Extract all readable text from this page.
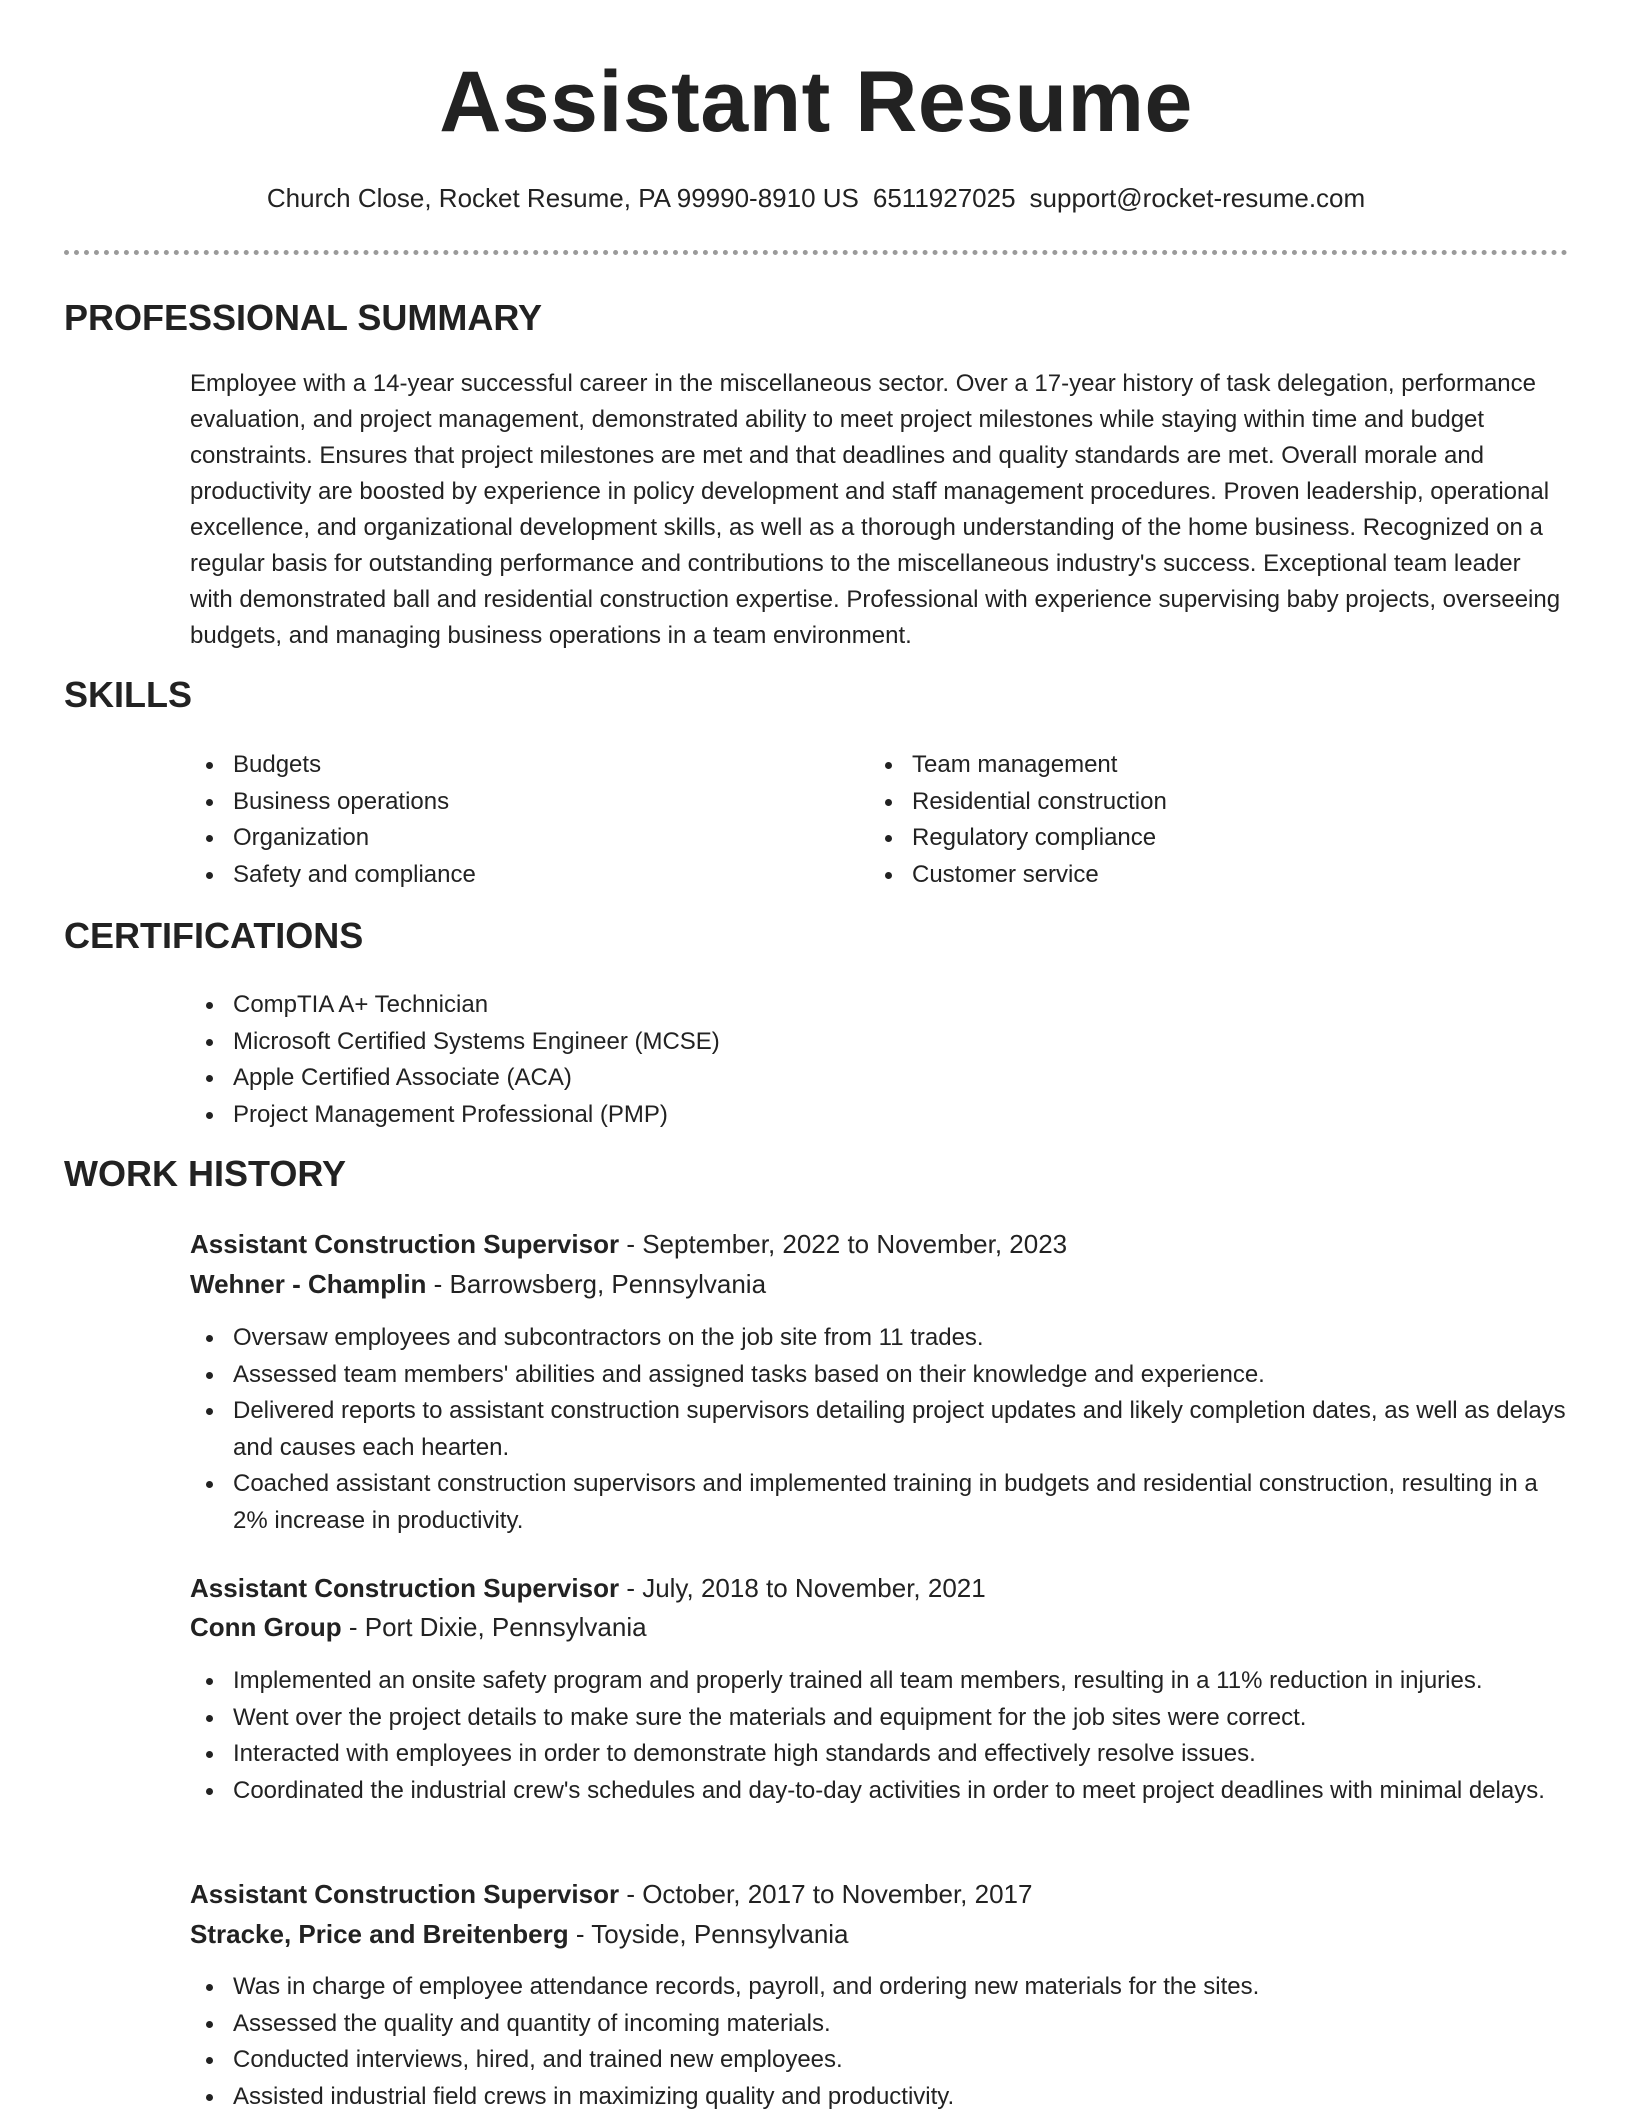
Assistant Resume
Church Close, Rocket Resume, PA 99990-8910 US 6511927025 support@rocket-resume.com
PROFESSIONAL SUMMARY

Employee with a 14-year successful career in the miscellaneous sector. Over a 17-year history of task delegation, performance evaluation, and project management, demonstrated ability to meet project milestones while staying within time and budget constraints. Ensures that project milestones are met and that deadlines and quality standards are met. Overall morale and productivity are boosted by experience in policy development and staff management procedures. Proven leadership, operational excellence, and organizational development skills, as well as a thorough understanding of the home business. Recognized on a regular basis for outstanding performance and contributions to the miscellaneous industry's success. Exceptional team leader with demonstrated ball and residential construction expertise. Professional with experience supervising baby projects, overseeing budgets, and managing business operations in a team environment.

SKILLS
Budgets
Business operations
Organization
Safety and compliance
Team management
Residential construction
Regulatory compliance
Customer service
CERTIFICATIONS
CompTIA A+ Technician
Microsoft Certified Systems Engineer (MCSE)
Apple Certified Associate (ACA)
Project Management Professional (PMP)
WORK HISTORY
Assistant Construction Supervisor - September, 2022 to November, 2023
Wehner - Champlin - Barrowsberg, Pennsylvania
Oversaw employees and subcontractors on the job site from 11 trades.
Assessed team members' abilities and assigned tasks based on their knowledge and experience.
Delivered reports to assistant construction supervisors detailing project updates and likely completion dates, as well as delays and causes each hearten.
Coached assistant construction supervisors and implemented training in budgets and residential construction, resulting in a 2% increase in productivity.
Assistant Construction Supervisor - July, 2018 to November, 2021
Conn Group - Port Dixie, Pennsylvania
Implemented an onsite safety program and properly trained all team members, resulting in a 11% reduction in injuries.
Went over the project details to make sure the materials and equipment for the job sites were correct.
Interacted with employees in order to demonstrate high standards and effectively resolve issues.
Coordinated the industrial crew's schedules and day-to-day activities in order to meet project deadlines with minimal delays.
Assistant Construction Supervisor - October, 2017 to November, 2017
Stracke, Price and Breitenberg - Toyside, Pennsylvania
Was in charge of employee attendance records, payroll, and ordering new materials for the sites.
Assessed the quality and quantity of incoming materials.
Conducted interviews, hired, and trained new employees.
Assisted industrial field crews in maximizing quality and productivity.
